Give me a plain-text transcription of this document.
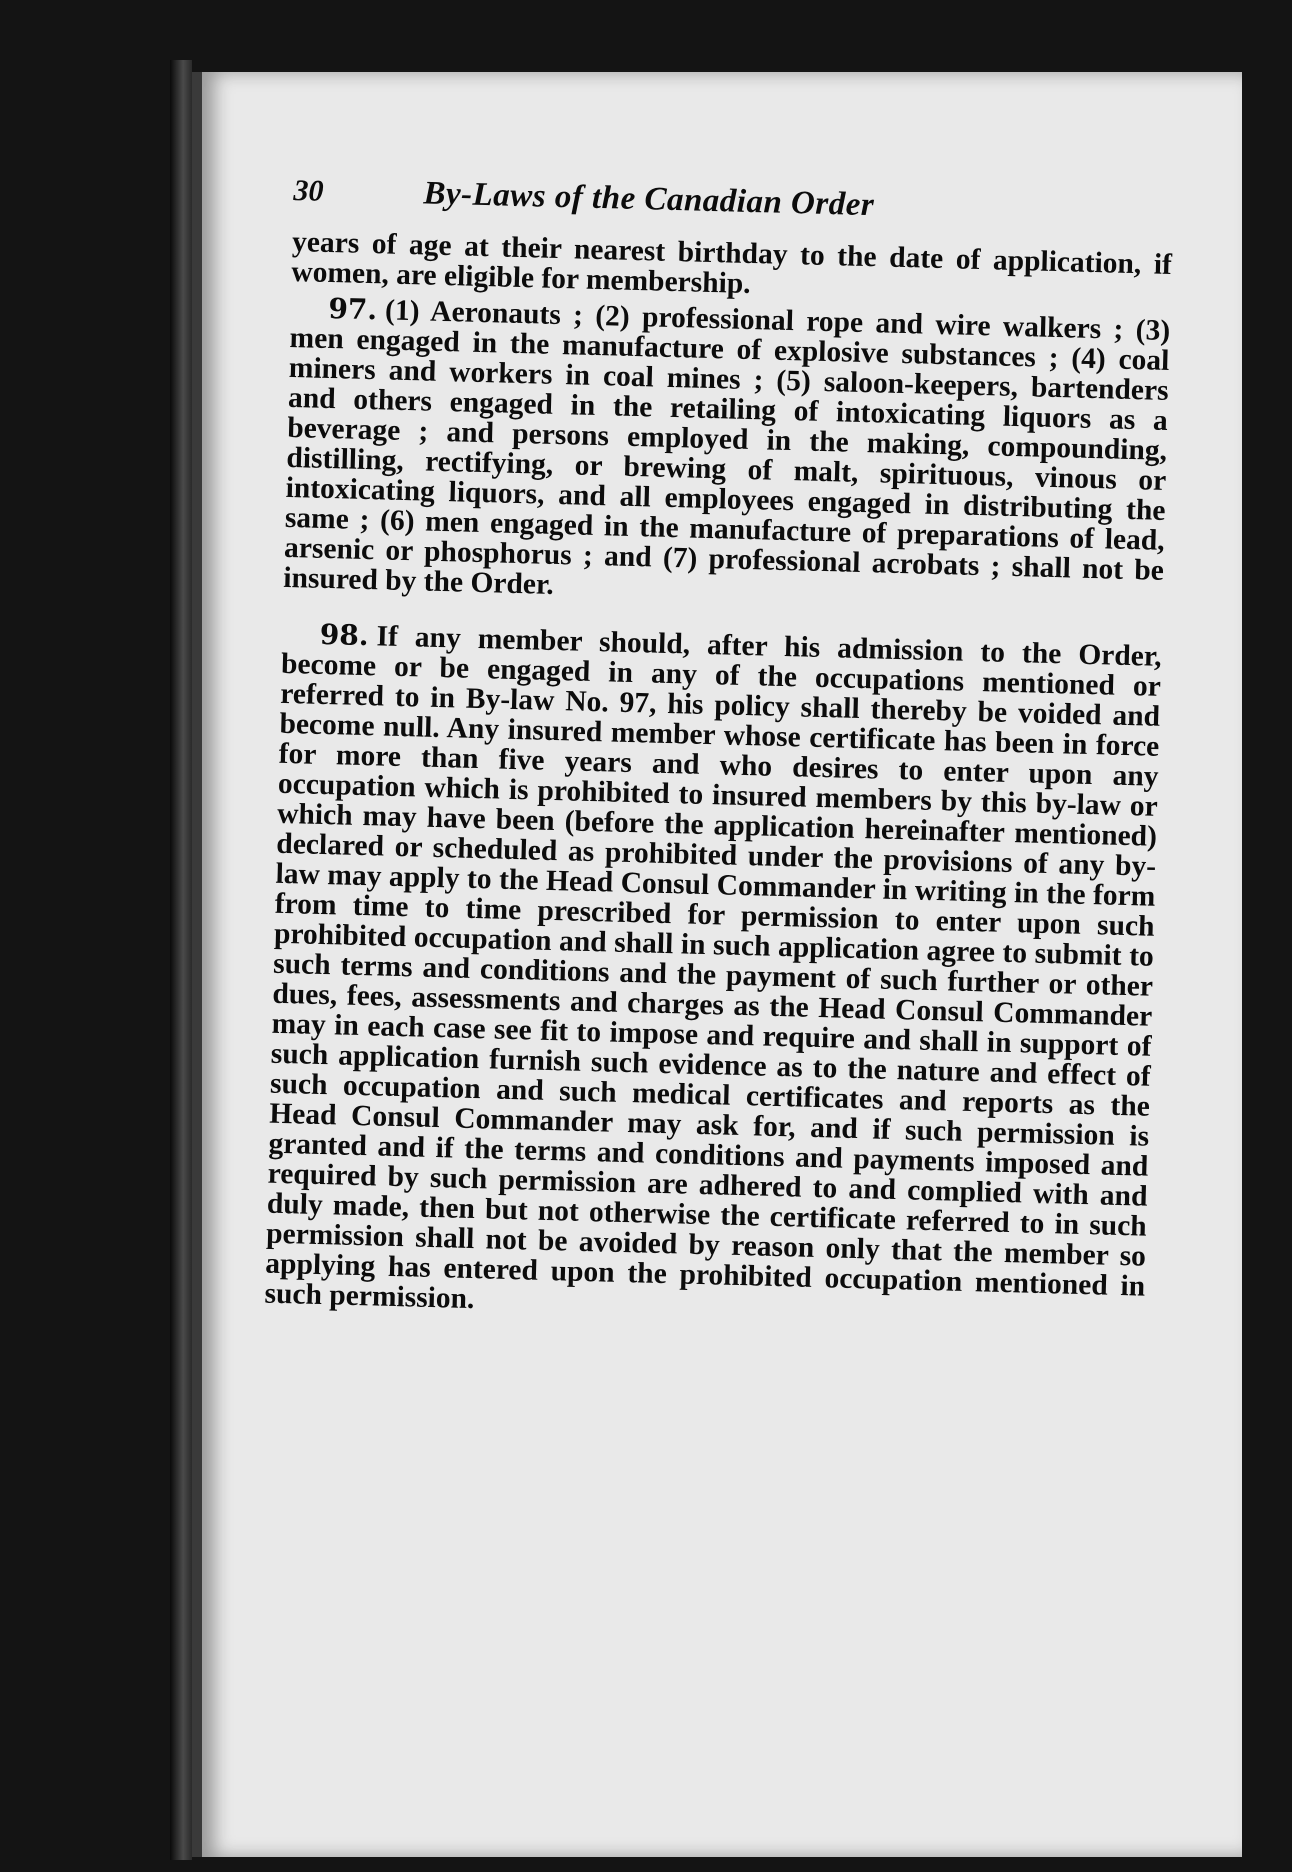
30	By-Laws of the Canadian Order

years of age at their nearest birthday to the date of application, if women, are eligible for membership.

97. (1) Aeronauts ; (2) professional rope and wire walkers ; (3) men engaged in the manufacture of explosive substances ; (4) coal miners and workers in coal mines ; (5) saloon-keepers, bartenders and others engaged in the retailing of intoxicating liquors as a beverage ; and persons employed in the making, compounding, distilling, rectifying, or brewing of malt, spirituous, vinous or intoxicating liquors, and all employees engaged in distributing the same ; (6) men engaged in the manufacture of preparations of lead, arsenic or phosphorus ; and (7) professional acrobats ; shall not be insured by the Order.

98. If any member should, after his admission to the Order, become or be engaged in any of the occupations mentioned or referred to in By-law No. 97, his policy shall thereby be voided and become null. Any insured member whose certificate has been in force for more than five years and who desires to enter upon any occupation which is prohibited to insured members by this by-law or which may have been (before the application hereinafter mentioned) declared or scheduled as prohibited under the provisions of any by-law may apply to the Head Consul Commander in writing in the form from time to time prescribed for permission to enter upon such prohibited occupation and shall in such application agree to submit to such terms and conditions and the payment of such further or other dues, fees, assessments and charges as the Head Consul Commander may in each case see fit to impose and require and shall in support of such application furnish such evidence as to the nature and effect of such occupation and such medical certificates and reports as the Head Consul Commander may ask for, and if such permission is granted and if the terms and conditions and payments imposed and required by such permission are adhered to and complied with and duly made, then but not otherwise the certificate referred to in such permission shall not be avoided by reason only that the member so applying has entered upon the prohibited occupation mentioned in such permission.
